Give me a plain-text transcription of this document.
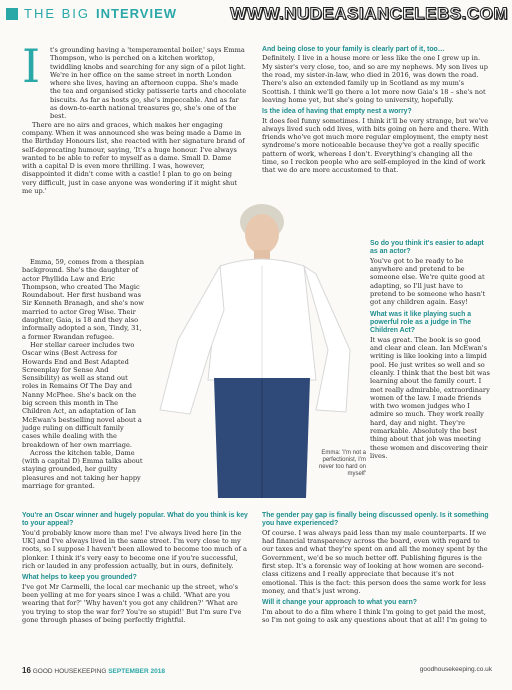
THE BIG INTERVIEW	WWW.NUDEASIANCELEBS.COM
I	t's grounding having a 'temperamental boiler,' says Emma Thompson, who is perched on a kitchen worktop, twiddling knobs and searching for any sign of a pilot light. We're in her office on the same street in north London where she lives, having an afternoon cuppa. She's made the tea and organised sticky patisserie tarts and chocolate biscuits. As far as hosts go, she's impeccable. And as far as down-to-earth national treasures go, she's one of the best.

There are no airs and graces, which makes her engaging company. When it was announced she was being made a Dame in the Birthday Honours list, she reacted with her signature brand of self-deprecating humour, saying, 'It's a huge honour. I've always wanted to be able to refer to myself as a dame. Small D. Dame with a capital D is even more thrilling. I was, however, disappointed it didn't come with a castle! I plan to go on being very difficult, just in case anyone was wondering if it might shut me up.'

Emma, 59, comes from a thespian background. She's the daughter of actor Phyllida Law and Eric Thompson, who created The Magic Roundabout. Her first husband was Sir Kenneth Branagh, and she's now married to actor Greg Wise. Their daughter, Gaia, is 18 and they also informally adopted a son, Tindy, 31, a former Rwandan refugee.

Her stellar career includes two Oscar wins (Best Actress for Howards End and Best Adapted Screenplay for Sense And Sensibility) as well as stand out roles in Remains Of The Day and Nanny McPhee. She's back on the big screen this month in The Children Act, an adaptation of Ian McEwan's bestselling novel about a judge ruling on difficult family cases while dealing with the breakdown of her own marriage.

Across the kitchen table, Dame (with a capital D) Emma talks about staying grounded, her guilty pleasures and not taking her happy marriage for granted.

And being close to your family is clearly part of it, too…

Definitely. I live in a house more or less like the one I grew up in. My sister's very close, too, and so are my nephews. My son lives up the road, my sister-in-law, who died in 2016, was down the road. There's also an extended family up in Scotland as my mum's Scottish. I think we'll go there a lot more now Gaia's 18 – she's not leaving home yet, but she's going to university, hopefully.

Is the idea of having that empty nest a worry?

It does feel funny sometimes. I think it'll be very strange, but we've always lived such odd lives, with bits going on here and there. With friends who've got much more regular employment, the empty nest syndrome's more noticeable because they've got a really specific pattern of work, whereas I don't. Everything's changing all the time, so I reckon people who are self-employed in the kind of work that we do are more accustomed to that.

Emma: 'I'm not a perfectionist, I'm never too hard on myself'

So do you think it's easier to adapt as an actor?

You've got to be ready to be anywhere and pretend to be someone else. We're quite good at adapting, so I'll just have to pretend to be someone who hasn't got any children again. Easy!

What was it like playing such a powerful role as a judge in The Children Act?

It was great. The book is so good and clear and clean. Ian McEwan's writing is like looking into a limpid pool. He just writes so well and so cleanly. I think that the best bit was learning about the family court. I met really admirable, extraordinary women of the law. I made friends with two women judges who I admire so much. They work really hard, day and night. They're remarkable. Absolutely the best thing about that job was meeting these women and discovering their lives.

You're an Oscar winner and hugely popular. What do you think is key to your appeal?

You'd probably know more than me! I've always lived here [in the UK] and I've always lived in the same street. I'm very close to my roots, so I suppose I haven't been allowed to become too much of a plonker. I think it's very easy to become one if you're successful, rich or lauded in any profession actually, but in ours, definitely.

What helps to keep you grounded?

I've got Mr Carmelli, the local car mechanic up the street, who's been yelling at me for years since I was a child. 'What are you wearing that for?' 'Why haven't you got any children?' 'What are you trying to stop the war for? You're so stupid!' But I'm sure I've gone through phases of being perfectly frightful.

The gender pay gap is finally being discussed openly. Is it something you have experienced?

Of course. I was always paid less than my male counterparts. If we had financial transparency across the board, even with regard to our taxes and what they're spent on and all the money spent by the Government, we'd be so much better off. Publishing figures is the first step. It's a forensic way of looking at how women are second-class citizens and I really appreciate that because it's not emotional. This is the fact: this person does the same work for less money, and that's just wrong.

Will it change your approach to what you earn?

I'm about to do a film where I think I'm going to get paid the most, so I'm not going to ask any questions about that at all! I'm going to

16 GOOD HOUSEKEEPING SEPTEMBER 2018	goodhousekeeping.co.uk
